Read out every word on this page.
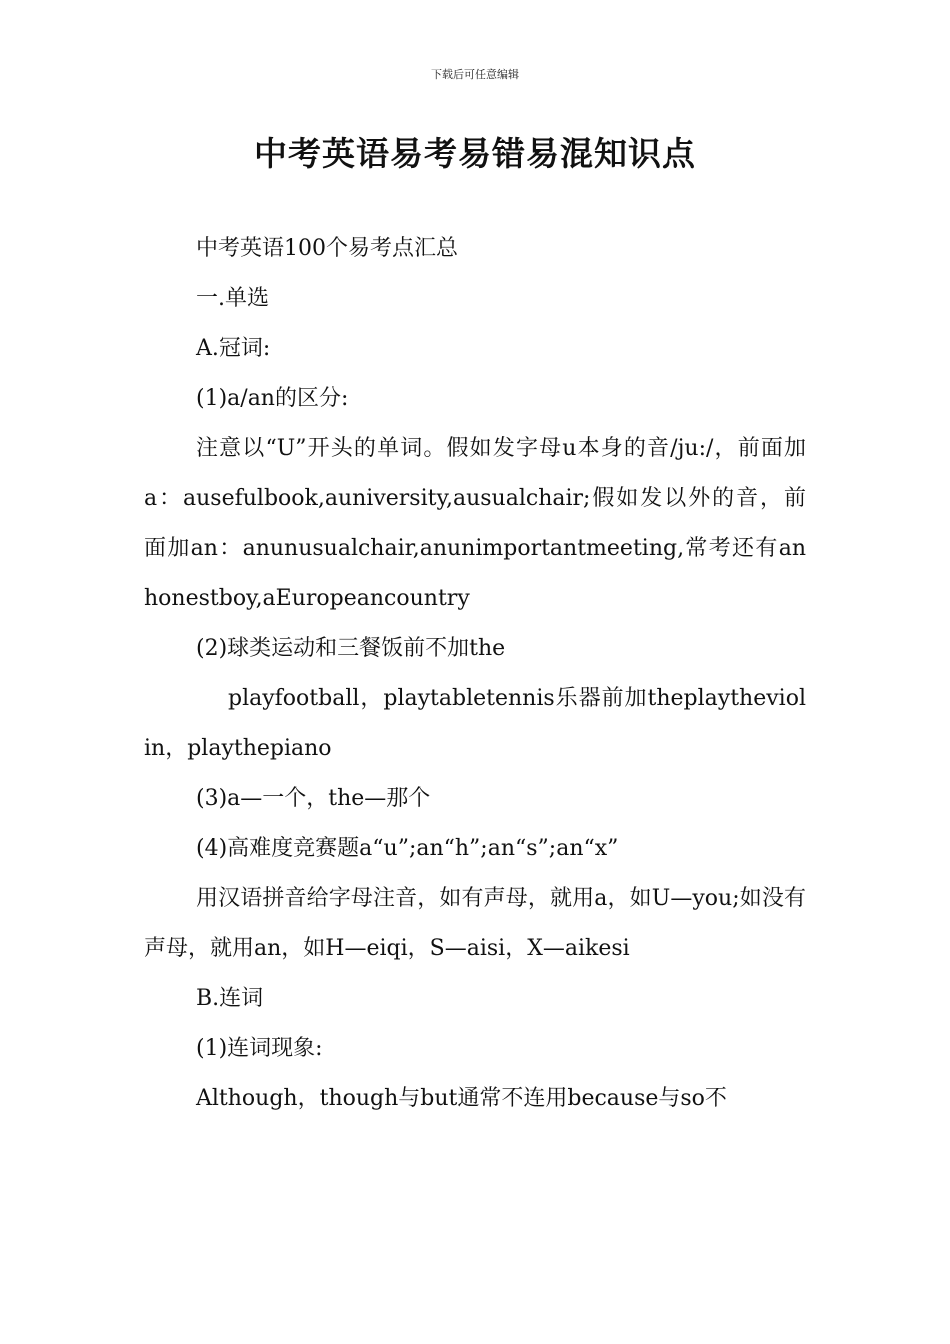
下载后可任意编辑
中考英语易考易错易混知识点

中考英语100个易考点汇总

一.单选

A.冠词:

(1)a/an的区分:

注意以“U”开头的单词。假如发字母u本身的音/ju:/，前面加a：ausefulbook,auniversity,ausualchair;假如发以外的音，前面加an：anunusualchair,anunimportantmeeting,常考还有anhonestboy,aEuropeancountry

(2)球类运动和三餐饭前不加the

playfootball，playtabletennis乐器前加theplaytheviolin，playthepiano

(3)a—一个，the—那个

(4)高难度竞赛题a“u”;an“h”;an“s”;an“x”

用汉语拼音给字母注音，如有声母，就用a，如U—you;如没有声母，就用an，如H—eiqi，S—aisi，X—aikesi

B.连词

(1)连词现象:

Although，though与but通常不连用because与so不
